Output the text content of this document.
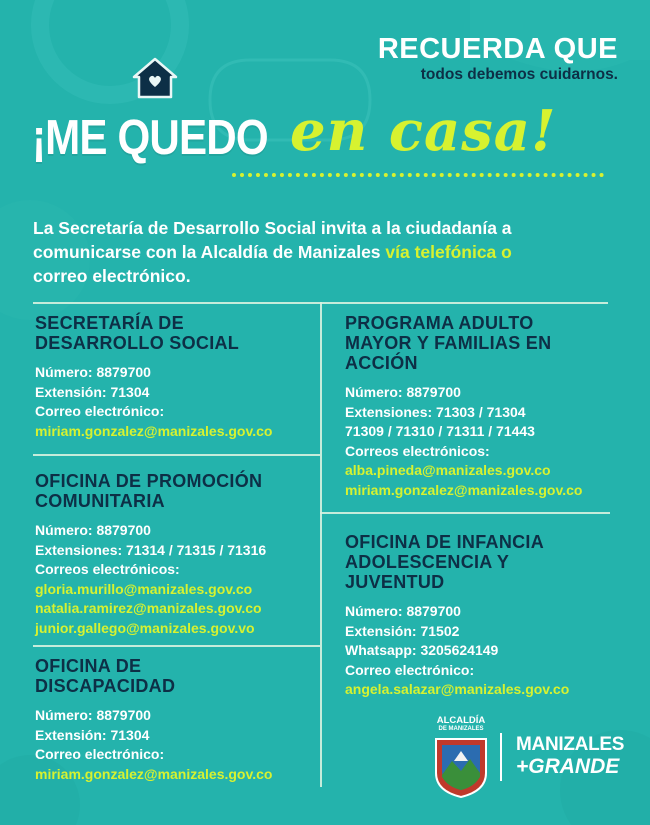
RECUERDA QUE
todos debemos cuidarnos.
¡ME QUEDO en casa!
La Secretaría de Desarrollo Social invita a la ciudadanía a comunicarse con la Alcaldía de Manizales vía telefónica o
correo electrónico.
SECRETARÍA DE DESARROLLO SOCIAL
Número: 8879700
Extensión: 71304
Correo electrónico:
miriam.gonzalez@manizales.gov.co
OFICINA DE PROMOCIÓN COMUNITARIA
Número: 8879700
Extensiones: 71314 / 71315 / 71316
Correos electrónicos:
gloria.murillo@manizales.gov.co
natalia.ramirez@manizales.gov.co
junior.gallego@manizales.gov.vo
OFICINA DE DISCAPACIDAD
Número: 8879700
Extensión: 71304
Correo electrónico:
miriam.gonzalez@manizales.gov.co
PROGRAMA ADULTO MAYOR Y FAMILIAS EN ACCIÓN
Número: 8879700
Extensiones: 71303 / 71304
71309 / 71310 / 71311 / 71443
Correos electrónicos:
alba.pineda@manizales.gov.co
miriam.gonzalez@manizales.gov.co
OFICINA DE INFANCIA ADOLESCENCIA Y JUVENTUD
Número: 8879700
Extensión: 71502
Whatsapp: 3205624149
Correo electrónico:
angela.salazar@manizales.gov.co
ALCALDÍA
DE MANIZALES
MANIZALES
+GRANDE
